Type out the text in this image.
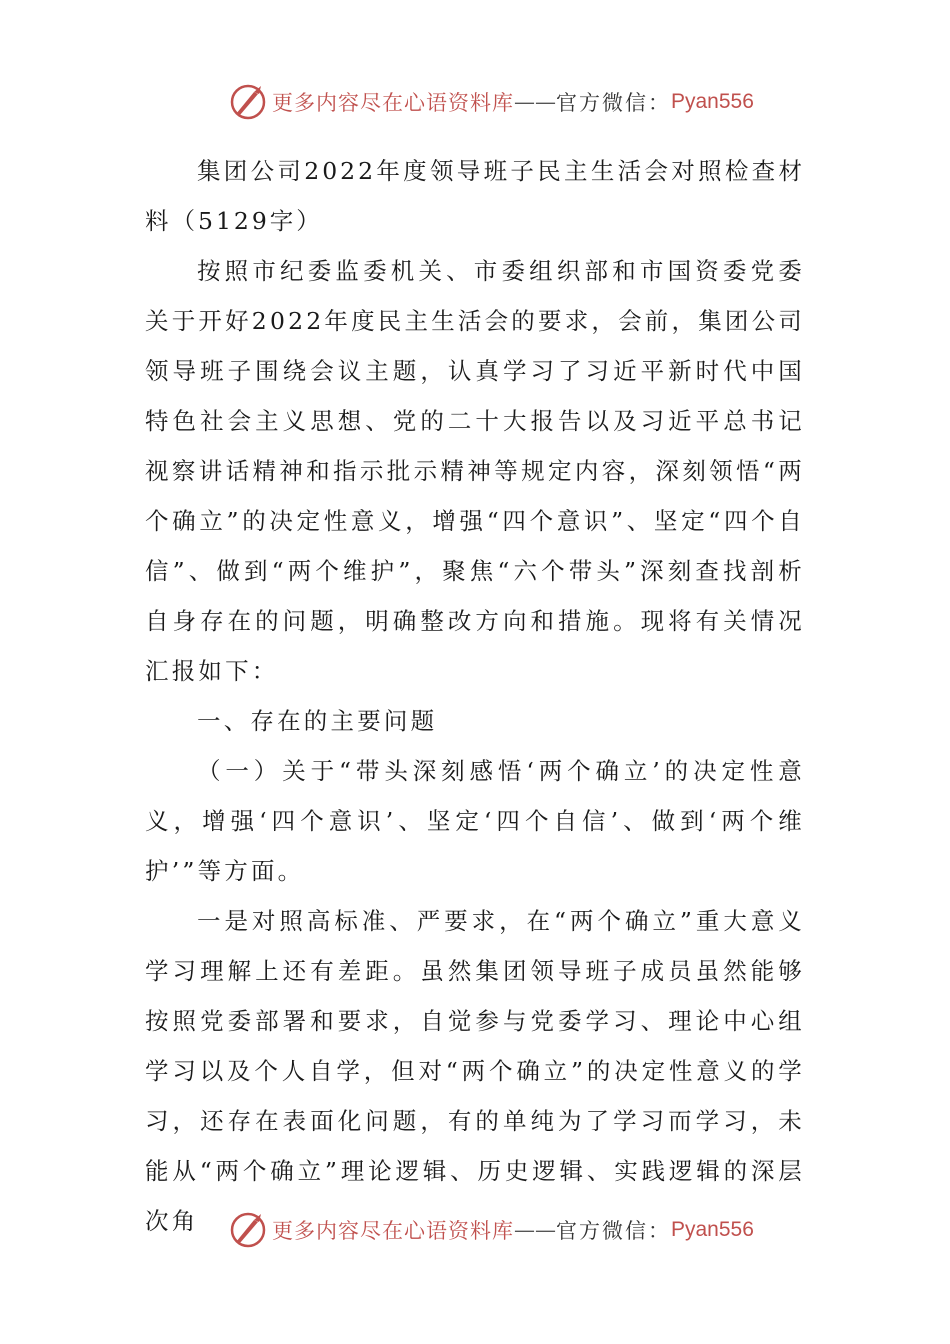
更多内容尽在心语资料库 —— 官方微信： Pyan556

集团公司2022年度领导班子民主生活会对照检查材料（5129字）

按照市纪委监委机关、市委组织部和市国资委党委关于开好2022年度民主生活会的要求，会前，集团公司领导班子围绕会议主题，认真学习了习近平新时代中国特色社会主义思想、党的二十大报告以及习近平总书记视察讲话精神和指示批示精神等规定内容，深刻领悟“两个确立”的决定性意义，增强“四个意识”、坚定“四个自信”、做到“两个维护”，聚焦“六个带头”深刻查找剖析自身存在的问题，明确整改方向和措施。现将有关情况汇报如下：

一、存在的主要问题

（一）关于“带头深刻感悟‘两个确立’的决定性意义，增强‘四个意识’、坚定‘四个自信’、做到‘两个维护’”等方面。

一是对照高标准、严要求，在“两个确立”重大意义学习理解上还有差距。虽然集团领导班子成员虽然能够按照党委部署和要求，自觉参与党委学习、理论中心组学习以及个人自学，但对“两个确立”的决定性意义的学习，还存在表面化问题，有的单纯为了学习而学习，未能从“两个确立”理论逻辑、历史逻辑、实践逻辑的深层次角	更多内容尽在心语资料库 —— 官方微信： Pyan556
